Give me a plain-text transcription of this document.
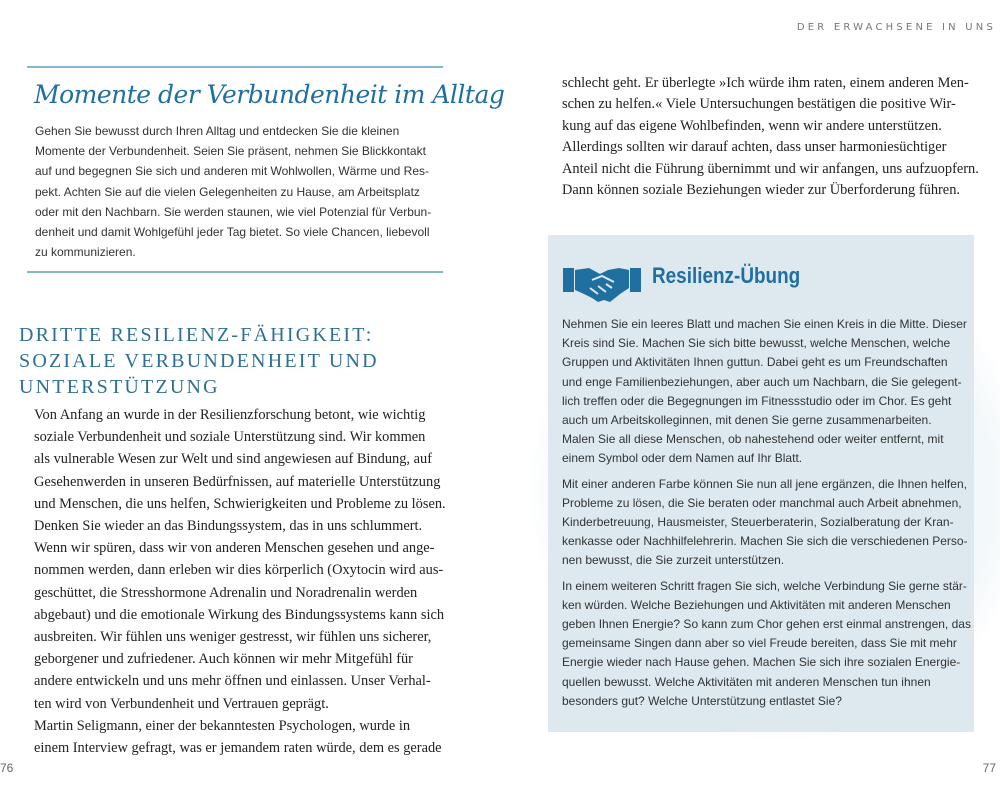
DER ERWACHSENE IN UNS
Momente der Verbundenheit im Alltag
Gehen Sie bewusst durch Ihren Alltag und entdecken Sie die kleinen
Momente der Verbundenheit. Seien Sie präsent, nehmen Sie Blickkontakt
auf und begegnen Sie sich und anderen mit Wohlwollen, Wärme und Res-
pekt. Achten Sie auf die vielen Gelegenheiten zu Hause, am Arbeitsplatz
oder mit den Nachbarn. Sie werden staunen, wie viel Potenzial für Verbun-
denheit und damit Wohlgefühl jeder Tag bietet. So viele Chancen, liebevoll
zu kommunizieren.
DRITTE RESILIENZ-FÄHIGKEIT:
SOZIALE VERBUNDENHEIT UND
UNTERSTÜTZUNG
Von Anfang an wurde in der Resilienzforschung betont, wie wichtig
soziale Verbundenheit und soziale Unterstützung sind. Wir kommen
als vulnerable Wesen zur Welt und sind angewiesen auf Bindung, auf
Gesehenwerden in unseren Bedürfnissen, auf materielle Unterstützung
und Menschen, die uns helfen, Schwierigkeiten und Probleme zu lösen.
Denken Sie wieder an das Bindungssystem, das in uns schlummert.
Wenn wir spüren, dass wir von anderen Menschen gesehen und ange-
nommen werden, dann erleben wir dies körperlich (Oxytocin wird aus-
geschüttet, die Stresshormone Adrenalin und Noradrenalin werden
abgebaut) und die emotionale Wirkung des Bindungssystems kann sich
ausbreiten. Wir fühlen uns weniger gestresst, wir fühlen uns sicherer,
geborgener und zufriedener. Auch können wir mehr Mitgefühl für
andere entwickeln und uns mehr öffnen und einlassen. Unser Verhal-
ten wird von Verbundenheit und Vertrauen geprägt.
Martin Seligmann, einer der bekanntesten Psychologen, wurde in
einem Interview gefragt, was er jemandem raten würde, dem es gerade
76
schlecht geht. Er überlegte »Ich würde ihm raten, einem anderen Men-
schen zu helfen.« Viele Untersuchungen bestätigen die positive Wir-
kung auf das eigene Wohlbefinden, wenn wir andere unterstützen.
Allerdings sollten wir darauf achten, dass unser harmoniesüchtiger
Anteil nicht die Führung übernimmt und wir anfangen, uns aufzuopfern.
Dann können soziale Beziehungen wieder zur Überforderung führen.
Resilienz-Übung
Nehmen Sie ein leeres Blatt und machen Sie einen Kreis in die Mitte. Dieser
Kreis sind Sie. Machen Sie sich bitte bewusst, welche Menschen, welche
Gruppen und Aktivitäten Ihnen guttun. Dabei geht es um Freundschaften
und enge Familienbeziehungen, aber auch um Nachbarn, die Sie gelegent-
lich treffen oder die Begegnungen im Fitnessstudio oder im Chor. Es geht
auch um Arbeitskolleginnen, mit denen Sie gerne zusammenarbeiten.
Malen Sie all diese Menschen, ob nahestehend oder weiter entfernt, mit
einem Symbol oder dem Namen auf Ihr Blatt.
Mit einer anderen Farbe können Sie nun all jene ergänzen, die Ihnen helfen,
Probleme zu lösen, die Sie beraten oder manchmal auch Arbeit abnehmen,
Kinderbetreuung, Hausmeister, Steuerberaterin, Sozialberatung der Kran-
kenkasse oder Nachhilfelehrerin. Machen Sie sich die verschiedenen Perso-
nen bewusst, die Sie zurzeit unterstützen.
In einem weiteren Schritt fragen Sie sich, welche Verbindung Sie gerne stär-
ken würden. Welche Beziehungen und Aktivitäten mit anderen Menschen
geben Ihnen Energie? So kann zum Chor gehen erst einmal anstrengen, das
gemeinsame Singen dann aber so viel Freude bereiten, dass Sie mit mehr
Energie wieder nach Hause gehen. Machen Sie sich ihre sozialen Energie-
quellen bewusst. Welche Aktivitäten mit anderen Menschen tun ihnen
besonders gut? Welche Unterstützung entlastet Sie?
77
